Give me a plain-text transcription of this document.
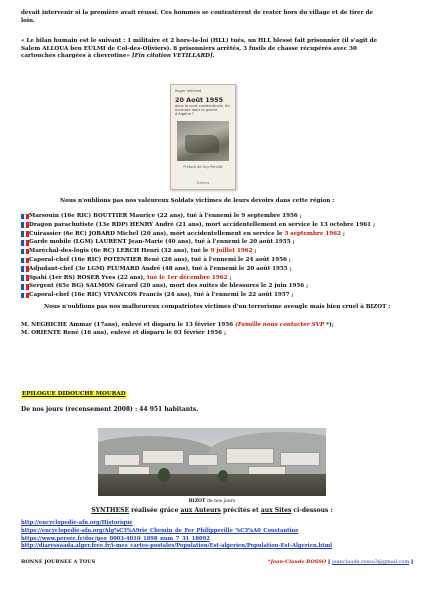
devait intervenir si la première avait réussi. Ces hommes se contentèrent de rester hors du village et de tirer de
loin.
« Le bilan humain est le suivant : 1 militaire et 2 hors-la-loi (HLL) tués, un HLL blessé fait prisonnier (il s'agit de
Salem ALLOUA ben EULMI de Col-des-Oliviers). 8 prisonniers arrêtés, 3 fusils de chasse récupérés avec 30
cartouches chargées à chevrotine» [Fin citation VETILLARD].
Roger Vétillard
20 Août 1955
dans le nord-constantinois. Un tournant dans la guerre d'Algérie ?
Préface de Guy Pervillé
Éditions
Nous n'oublions pas nos valeureux Soldats victimes de leurs devoirs dans cette région :
Marsouin (16e RIC) BOUTTIER Maurice (22 ans), tué à l'ennemi le 9 septembre 1956 ;
Dragon parachutiste (13e RDP) HENRY André (21 ans), mort accidentellement en service le 13 octobre 1961 ;
Cuirassier (6e RC) JOBARD Michel (20 ans), mort accidentellement en service le 3 septembre 1962 ;
Garde mobile (LGM) LAURENT Jean-Marie (40 ans), tué à l'ennemi le 20 août 1955 ;
Maréchal-des-logis (6e RC) LERCH Henri (32 ans), tué le 9 juillet 1962 ;
Caporal-chef (16e RIC) POTENTIER René (26 ans), tué à l'ennemi le 24 août 1956 ;
Adjudant-chef (3e LGM) PLUMARD André (48 ans), tué à l'ennemi le 20 août 1955 ;
Spahi (1er RS) ROSER Yves (22 ans), tué le 1er décembre 1962 ;
Sergent (65e BG) SALMON Gérard (20 ans), mort des suites de blessures le 2 juin 1956 ;
Caporal-chef (16e RIC) VIVANCOS Francis (24 ans), tué à l'ennemi le 22 août 1957 ;
Nous n'oublions pas nos malheureux compatriotes victimes d'un terrorisme aveugle mais bien cruel à BIZOT :
M. NEGHICHE Ammar (17ans), enlevé et disparu le 13 février 1956 (Famille nous contacter SVP *);
M. ORIENTE René (16 ans), enlevé et disparu le 03 février 1956 ;
EPILOGUE DIDOUCHE MOURAD
De nos jours (recensement 2008) : 44 951 habitants.
BIZOT de nos jours
SYNTHESE réalisée grâce aux Auteurs précités et aux Sites ci-dessous :
http://encyclopedie-afn.org/Historique
https://encyclopedie-afn.org/Alg%C3%A9rie_Chemin_de_Fer_Philippeville_%C3%A0_Constantine
https://www.persee.fr/doc/geo_0003-4010_1898_num_7_31_18092
http://diaressaada.alger.free.fr/i-mes_cartes-postales/Population/Est-algerien/Population-Est-Algerien.html
BONNE JOURNEE A TOUS	*Jean-Claude ROSSO [ jeanclaude.rosso3@gmail.com ]
